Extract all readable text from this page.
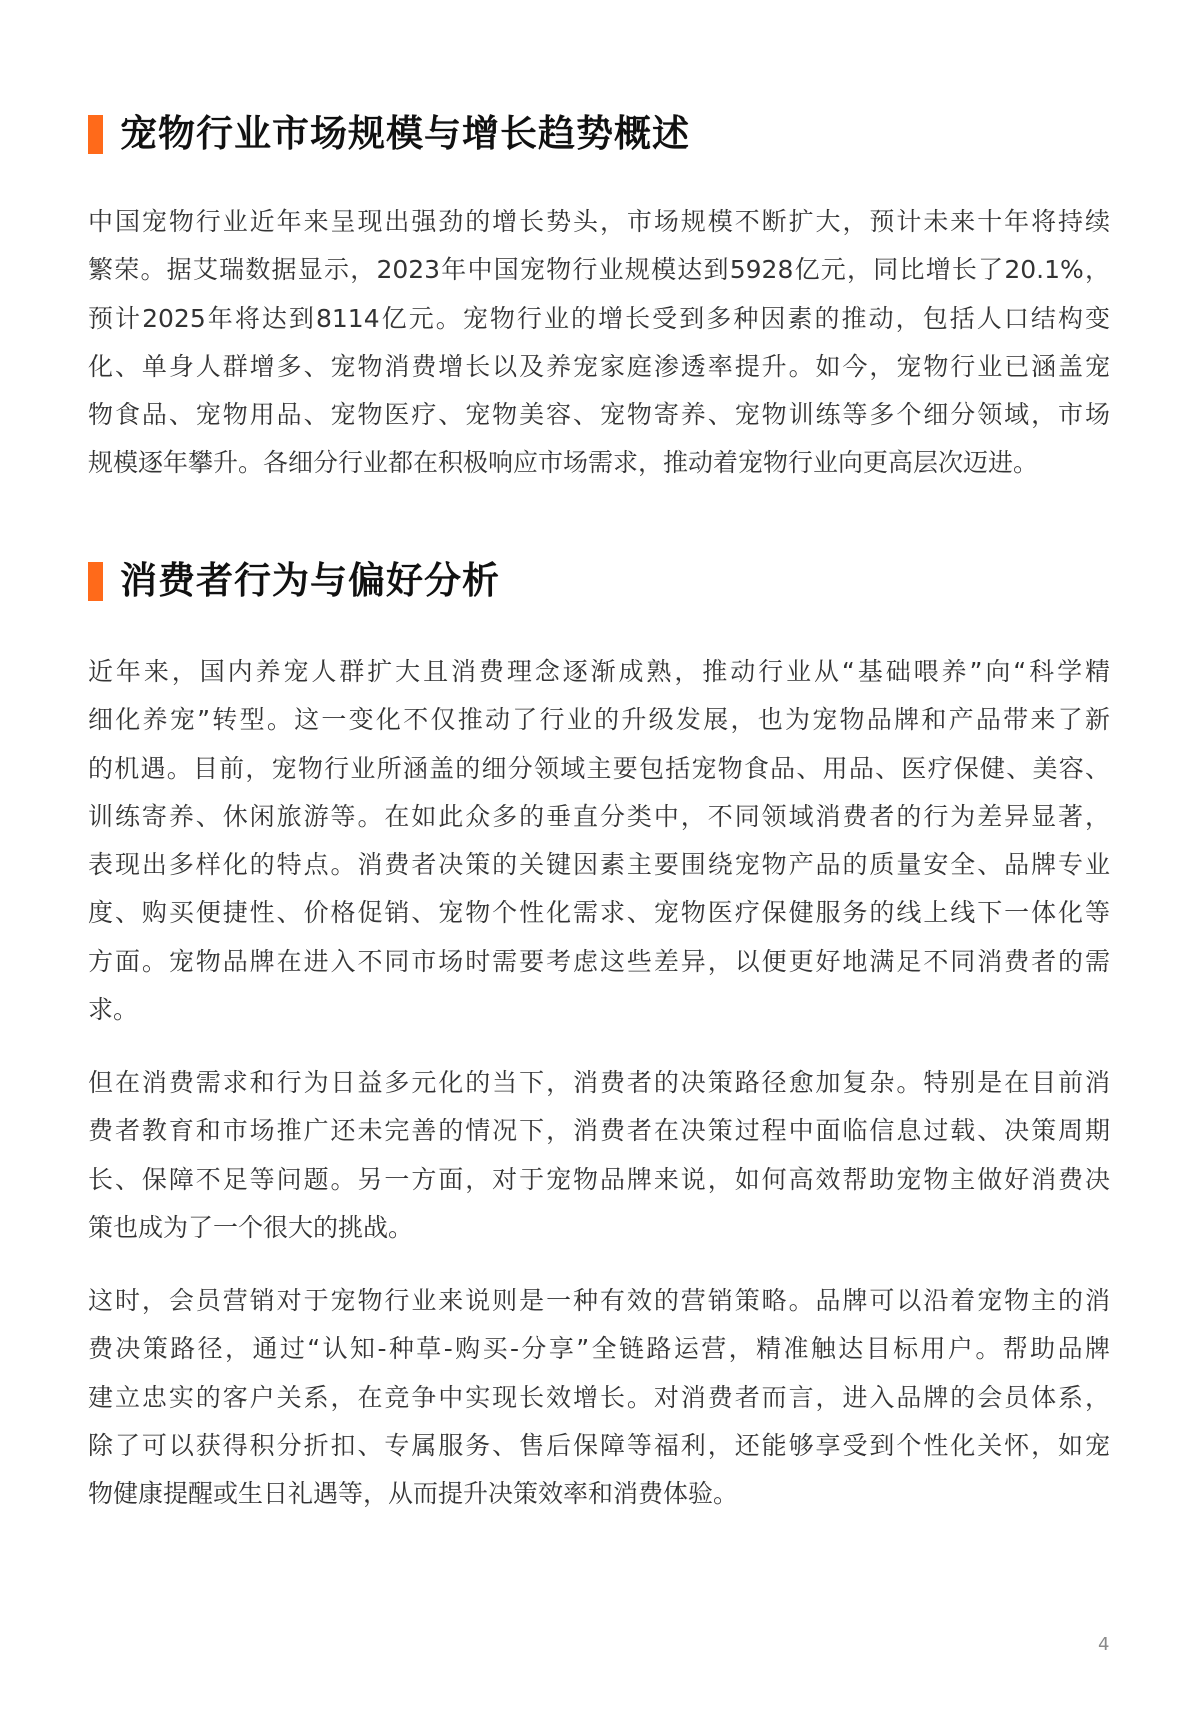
宠物行业市场规模与增长趋势概述
中国宠物行业近年来呈现出强劲的增长势头，市场规模不断扩大，预计未来十年将持续
繁荣。据艾瑞数据显示，2023年中国宠物行业规模达到5928亿元，同比增长了20.1%，
预计2025年将达到8114亿元。宠物行业的增长受到多种因素的推动，包括人口结构变
化、单身人群增多、宠物消费增长以及养宠家庭渗透率提升。如今，宠物行业已涵盖宠
物食品、宠物用品、宠物医疗、宠物美容、宠物寄养、宠物训练等多个细分领域，市场
规模逐年攀升。各细分行业都在积极响应市场需求，推动着宠物行业向更高层次迈进。
消费者行为与偏好分析
近年来，国内养宠人群扩大且消费理念逐渐成熟，推动行业从“基础喂养”向“科学精
细化养宠”转型。这一变化不仅推动了行业的升级发展，也为宠物品牌和产品带来了新
的机遇。目前，宠物行业所涵盖的细分领域主要包括宠物食品、用品、医疗保健、美容、
训练寄养、休闲旅游等。在如此众多的垂直分类中，不同领域消费者的行为差异显著，
表现出多样化的特点。消费者决策的关键因素主要围绕宠物产品的质量安全、品牌专业
度、购买便捷性、价格促销、宠物个性化需求、宠物医疗保健服务的线上线下一体化等
方面。宠物品牌在进入不同市场时需要考虑这些差异，以便更好地满足不同消费者的需
求。
但在消费需求和行为日益多元化的当下，消费者的决策路径愈加复杂。特别是在目前消
费者教育和市场推广还未完善的情况下，消费者在决策过程中面临信息过载、决策周期
长、保障不足等问题。另一方面，对于宠物品牌来说，如何高效帮助宠物主做好消费决
策也成为了一个很大的挑战。
这时，会员营销对于宠物行业来说则是一种有效的营销策略。品牌可以沿着宠物主的消
费决策路径，通过“认知-种草-购买-分享”全链路运营，精准触达目标用户。帮助品牌
建立忠实的客户关系，在竞争中实现长效增长。对消费者而言，进入品牌的会员体系，
除了可以获得积分折扣、专属服务、售后保障等福利，还能够享受到个性化关怀，如宠
物健康提醒或生日礼遇等，从而提升决策效率和消费体验。
4
